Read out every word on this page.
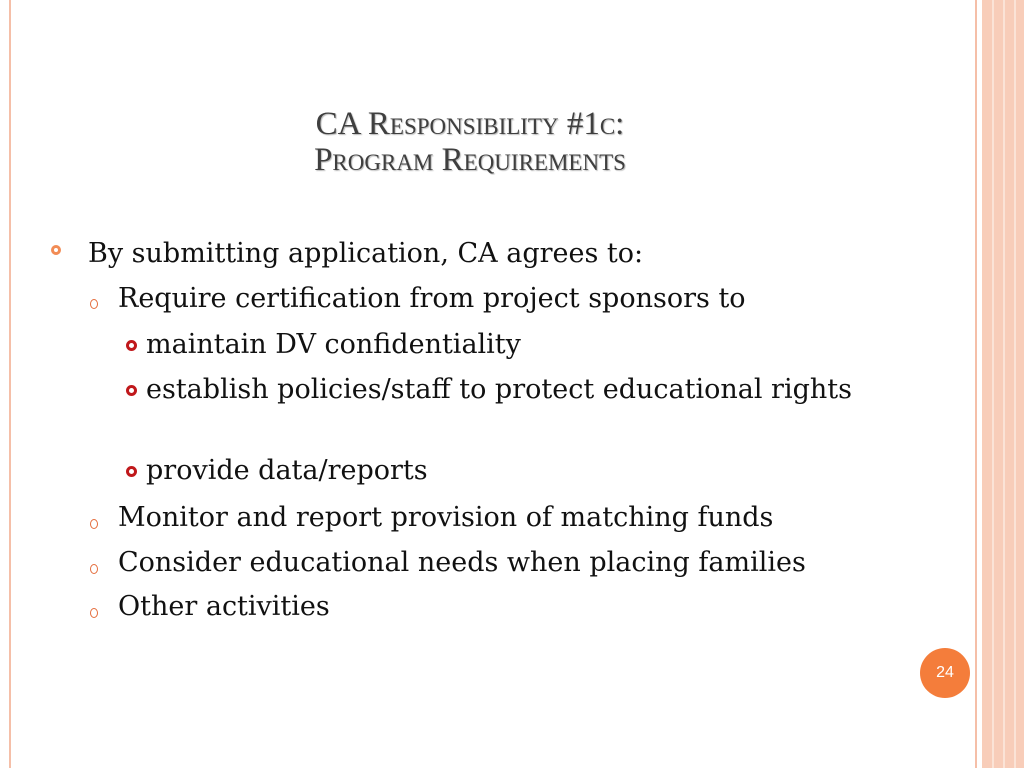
CA Responsibility #1c:
Program Requirements
By submitting application, CA agrees to:
Require certification from project sponsors to
maintain DV confidentiality
establish policies/staff to protect educational rights
provide data/reports
Monitor and report provision of matching funds
Consider educational needs when placing families
Other activities
24
